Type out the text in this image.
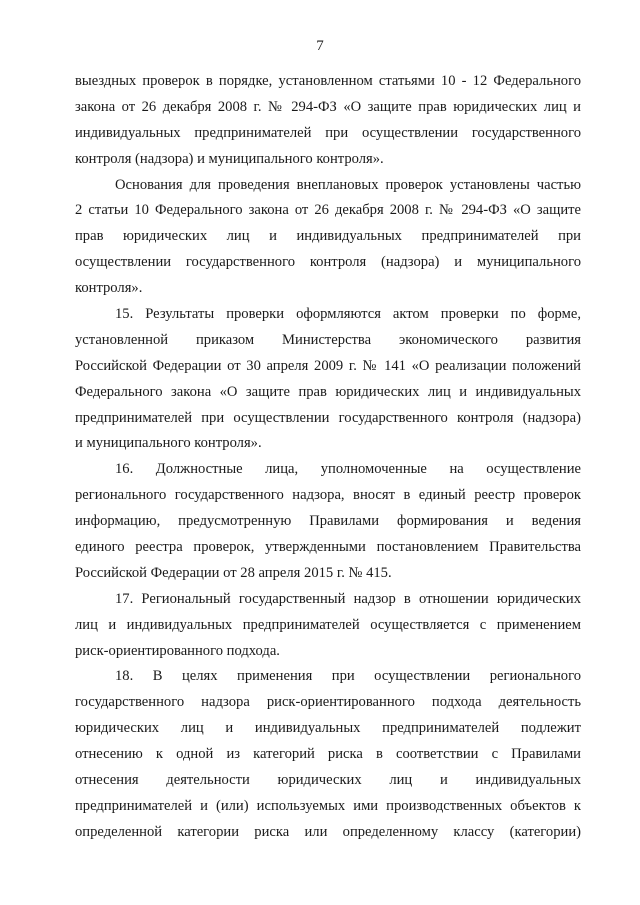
7
выездных проверок в порядке, установленном статьями 10 - 12 Федерального
закона от 26 декабря 2008 г. № 294-ФЗ «О защите прав юридических лиц и
индивидуальных предпринимателей при осуществлении государственного
контроля (надзора) и муниципального контроля».
Основания для проведения внеплановых проверок установлены частью
2 статьи 10 Федерального закона от 26 декабря 2008 г. № 294-ФЗ «О защите
прав юридических лиц и индивидуальных предпринимателей при
осуществлении государственного контроля (надзора) и муниципального
контроля».
15. Результаты проверки оформляются актом проверки по форме,
установленной приказом Министерства экономического развития
Российской Федерации от 30 апреля 2009 г. № 141 «О реализации положений
Федерального закона «О защите прав юридических лиц и индивидуальных
предпринимателей при осуществлении государственного контроля (надзора)
и муниципального контроля».
16. Должностные лица, уполномоченные на осуществление
регионального государственного надзора, вносят в единый реестр проверок
информацию, предусмотренную Правилами формирования и ведения
единого реестра проверок, утвержденными постановлением Правительства
Российской Федерации от 28 апреля 2015 г. № 415.
17. Региональный государственный надзор в отношении юридических
лиц и индивидуальных предпринимателей осуществляется с применением
риск-ориентированного подхода.
18. В целях применения при осуществлении регионального
государственного надзора риск-ориентированного подхода деятельность
юридических лиц и индивидуальных предпринимателей подлежит
отнесению к одной из категорий риска в соответствии с Правилами
отнесения деятельности юридических лиц и индивидуальных
предпринимателей и (или) используемых ими производственных объектов к
определенной категории риска или определенному классу (категории)
